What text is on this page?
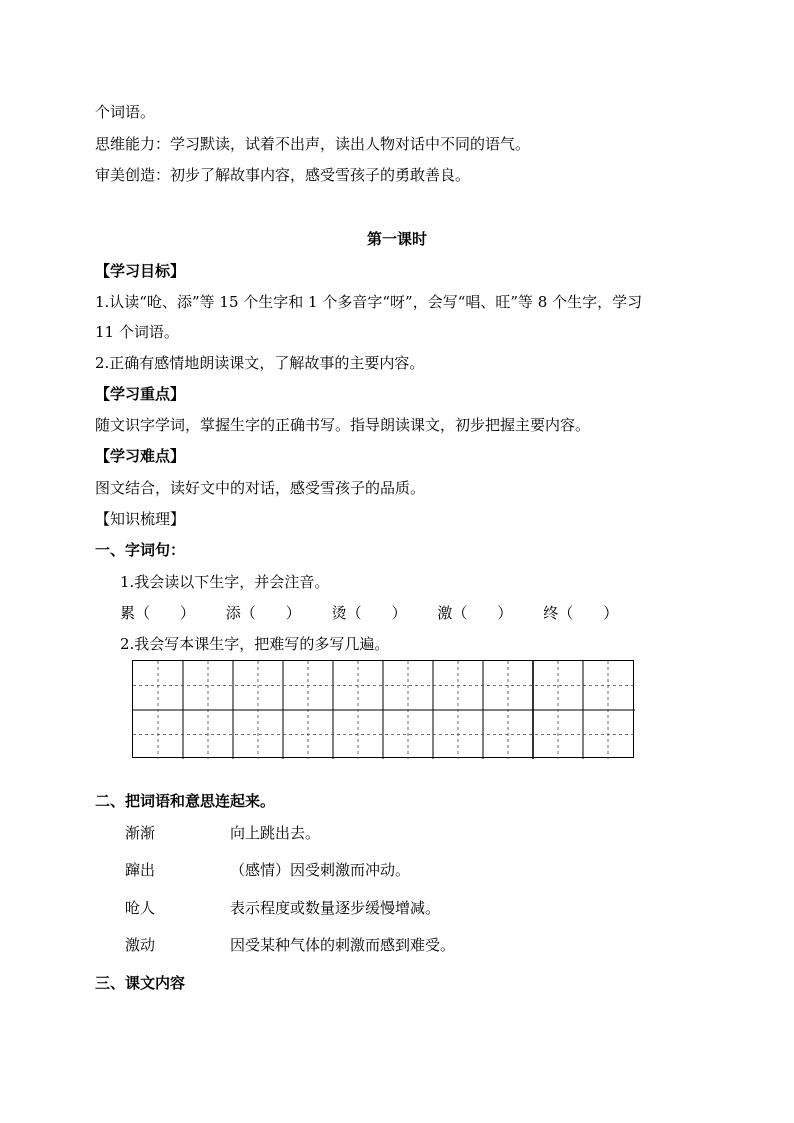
个词语。
思维能力：学习默读，试着不出声，读出人物对话中不同的语气。
审美创造：初步了解故事内容，感受雪孩子的勇敢善良。
第一课时
【学习目标】
1.认读“呛、添”等 15 个生字和 1 个多音字“呀”，会写“唱、旺”等 8 个生字，学习
11 个词语。
2.正确有感情地朗读课文，了解故事的主要内容。
【学习重点】
随文识字学词，掌握生字的正确书写。指导朗读课文，初步把握主要内容。
【学习难点】
图文结合，读好文中的对话，感受雪孩子的品质。
【知识梳理】
一、字词句：
1.我会读以下生字，并会注音。
累（　　） 添（　　） 烫（　　） 激（　　） 终（　　）
2.我会写本课生字，把难写的多写几遍。
二、把词语和意思连起来。
渐渐	向上跳出去。
蹿出	（感情）因受刺激而冲动。
呛人	表示程度或数量逐步缓慢增减。
激动	因受某种气体的刺激而感到难受。
三、课文内容
